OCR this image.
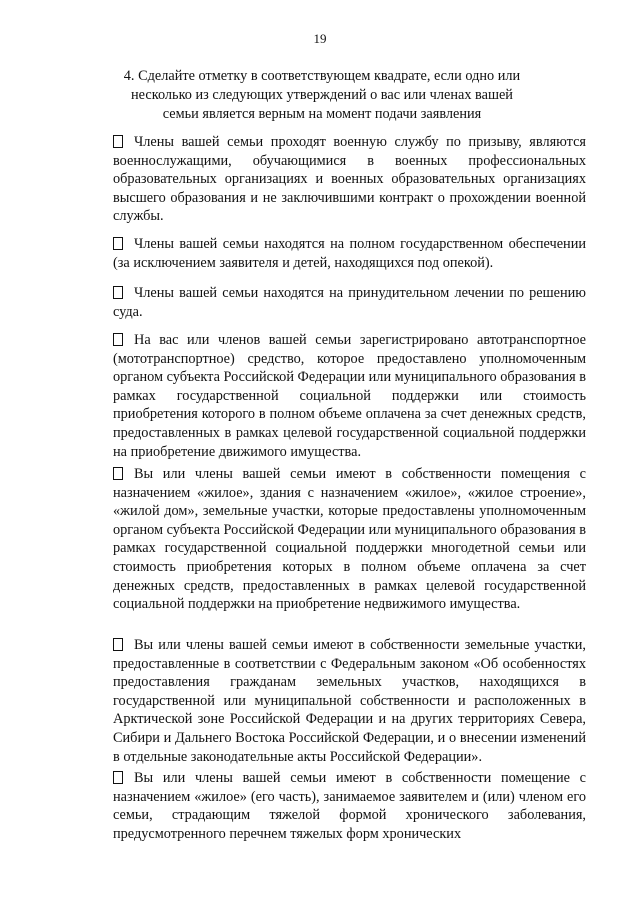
19
4. Сделайте отметку в соответствующем квадрате, если одно или несколько из следующих утверждений о вас или членах вашей семьи является верным на момент подачи заявления
Члены вашей семьи проходят военную службу по призыву, являются военнослужащими, обучающимися в военных профессиональных образовательных организациях и военных образовательных организациях высшего образования и не заключившими контракт о прохождении военной службы.
Члены вашей семьи находятся на полном государственном обеспечении (за исключением заявителя и детей, находящихся под опекой).
Члены вашей семьи находятся на принудительном лечении по решению суда.
На вас или членов вашей семьи зарегистрировано автотранспортное (мототранспортное) средство, которое предоставлено уполномоченным органом субъекта Российской Федерации или муниципального образования в рамках государственной социальной поддержки или стоимость приобретения которого в полном объеме оплачена за счет денежных средств, предоставленных в рамках целевой государственной социальной поддержки на приобретение движимого имущества.
Вы или члены вашей семьи имеют в собственности помещения с назначением «жилое», здания с назначением «жилое», «жилое строение», «жилой дом», земельные участки, которые предоставлены уполномоченным органом субъекта Российской Федерации или муниципального образования в рамках государственной социальной поддержки многодетной семьи или стоимость приобретения которых в полном объеме оплачена за счет денежных средств, предоставленных в рамках целевой государственной социальной поддержки на приобретение недвижимого имущества.
Вы или члены вашей семьи имеют в собственности земельные участки, предоставленные в соответствии с Федеральным законом «Об особенностях предоставления гражданам земельных участков, находящихся в государственной или муниципальной собственности и расположенных в Арктической зоне Российской Федерации и на других территориях Севера, Сибири и Дальнего Востока Российской Федерации, и о внесении изменений в отдельные законодательные акты Российской Федерации».
Вы или члены вашей семьи имеют в собственности помещение с назначением «жилое» (его часть), занимаемое заявителем и (или) членом его семьи, страдающим тяжелой формой хронического заболевания, предусмотренного перечнем тяжелых форм хронических
